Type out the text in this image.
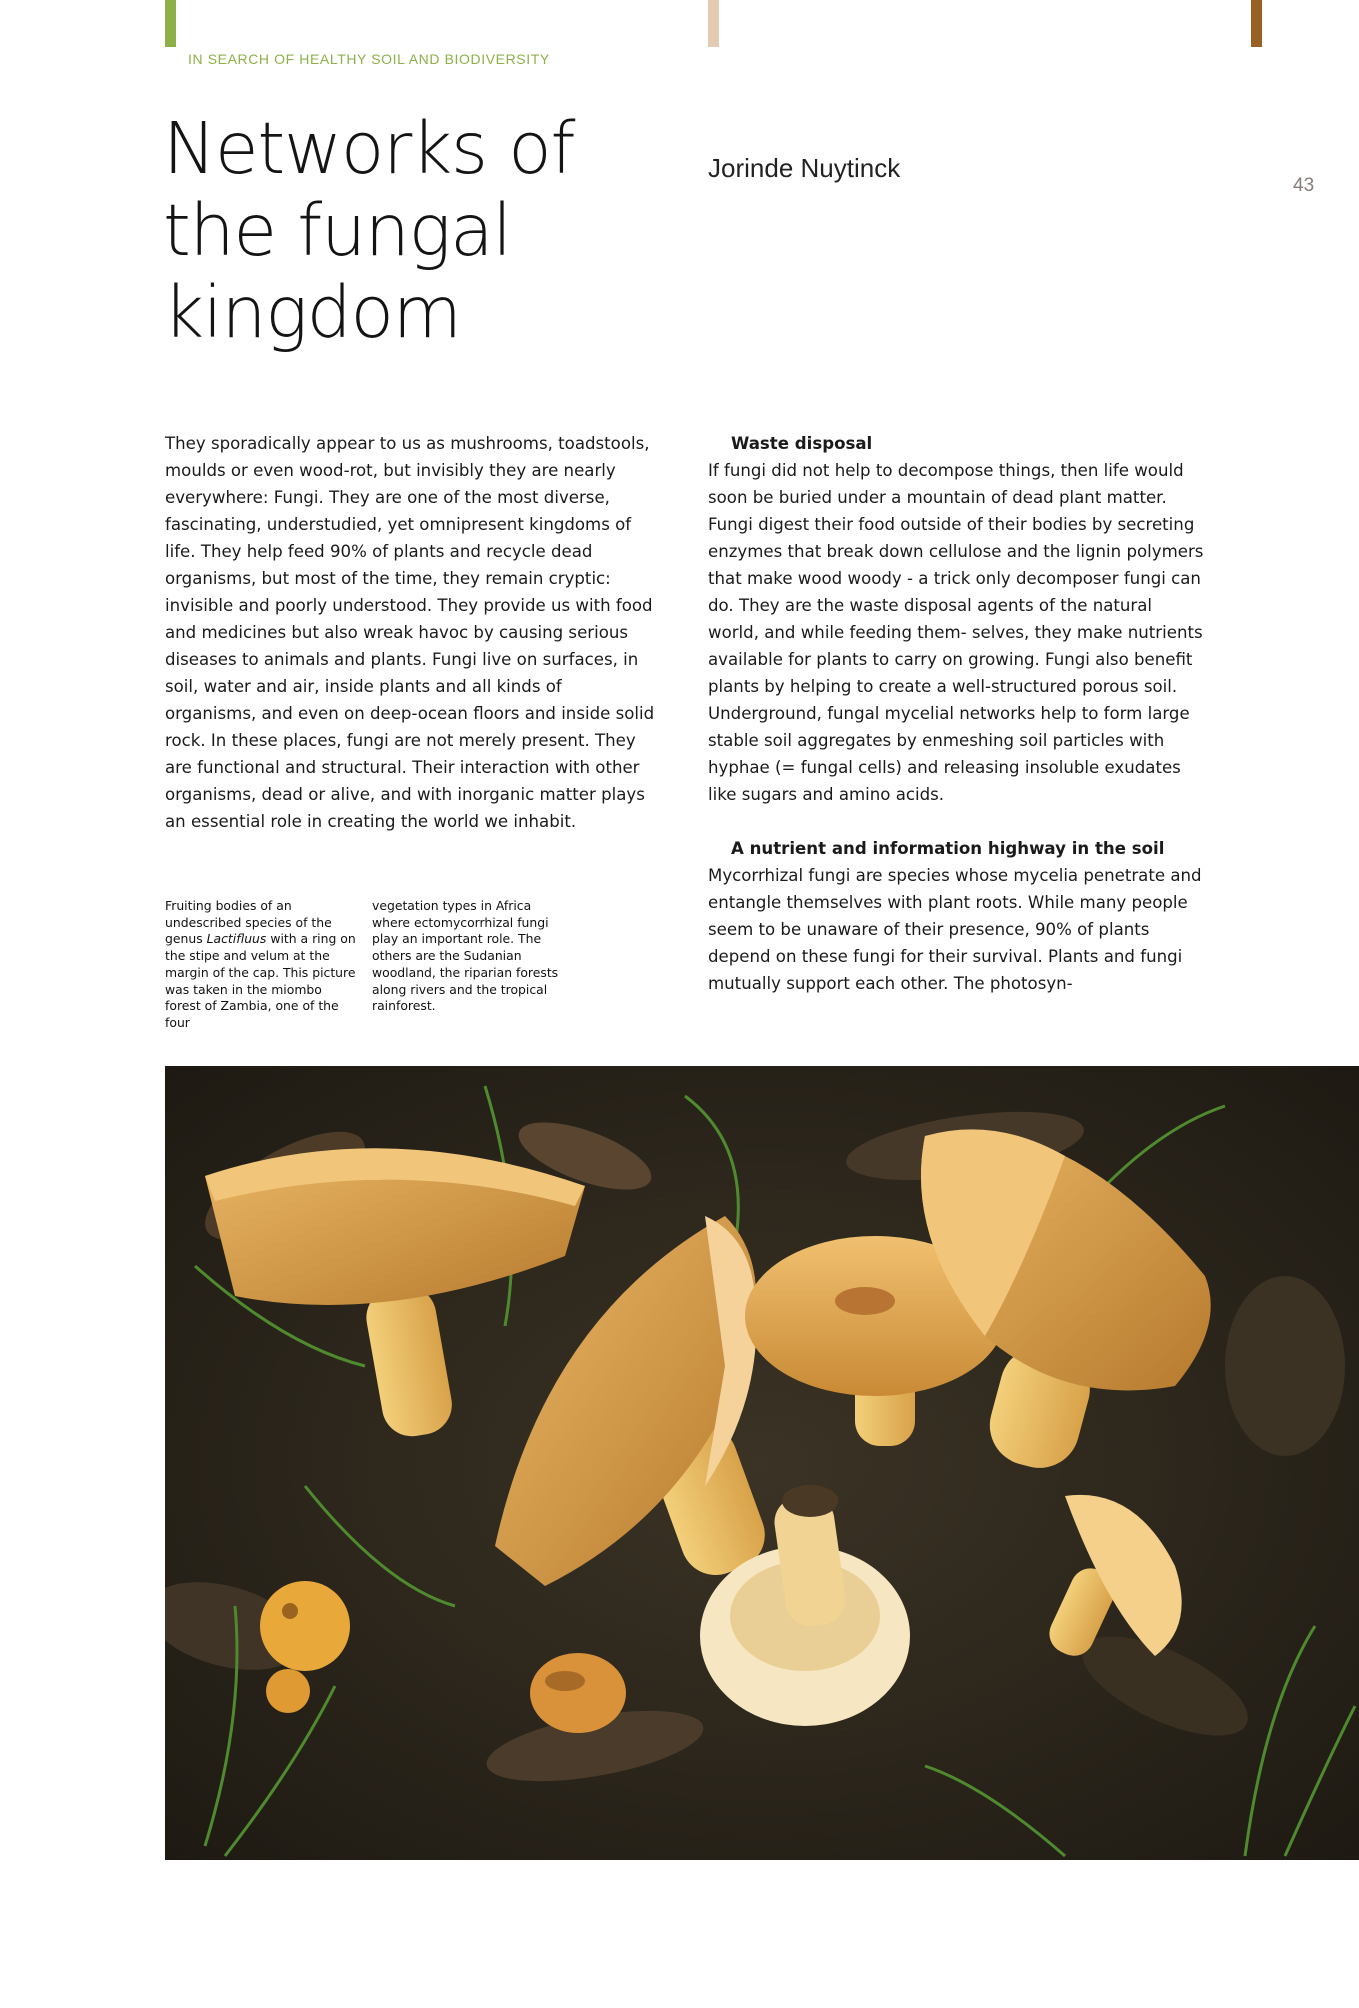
IN SEARCH OF HEALTHY SOIL AND BIODIVERSITY
Networks of
the fungal
kingdom
Jorinde Nuytinck
43

They sporadically appear to us as mushrooms, toadstools, moulds or even wood-rot, but invisibly they are nearly everywhere: Fungi. They are one of the most diverse, fascinating, understudied, yet omnipresent kingdoms of life. They help feed 90% of plants and recycle dead organisms, but most of the time, they remain cryptic: invisible and poorly understood. They provide us with food and medicines but also wreak havoc by causing serious diseases to animals and plants. Fungi live on surfaces, in soil, water and air, inside plants and all kinds of organisms, and even on deep-ocean floors and inside solid rock. In these places, fungi are not merely present. They are functional and structural. Their interaction with other organisms, dead or alive, and with inorganic matter plays an essential role in creating the world we inhabit.

Waste disposal

If fungi did not help to decompose things, then life would soon be buried under a mountain of dead plant matter. Fungi digest their food outside of their bodies by secreting enzymes that break down cellulose and the lignin polymers that make wood woody - a trick only decomposer fungi can do. They are the waste disposal agents of the natural world, and while feeding them- selves, they make nutrients available for plants to carry on growing. Fungi also benefit plants by helping to create a well-structured porous soil. Underground, fungal mycelial networks help to form large stable soil aggregates by enmeshing soil particles with hyphae (= fungal cells) and releasing insoluble exudates like sugars and amino acids.

A nutrient and information highway in the soil

Mycorrhizal fungi are species whose mycelia penetrate and entangle themselves with plant roots. While many people seem to be unaware of their presence, 90% of plants depend on these fungi for their survival. Plants and fungi mutually support each other. The photosyn-

Fruiting bodies of an undescribed species of the genus Lactifluus with a ring on the stipe and velum at the margin of the cap. This picture was taken in the miombo forest of Zambia, one of the four

vegetation types in Africa where ectomycorrhizal fungi play an important role. The others are the Sudanian woodland, the riparian forests along rivers and the tropical rainforest.
